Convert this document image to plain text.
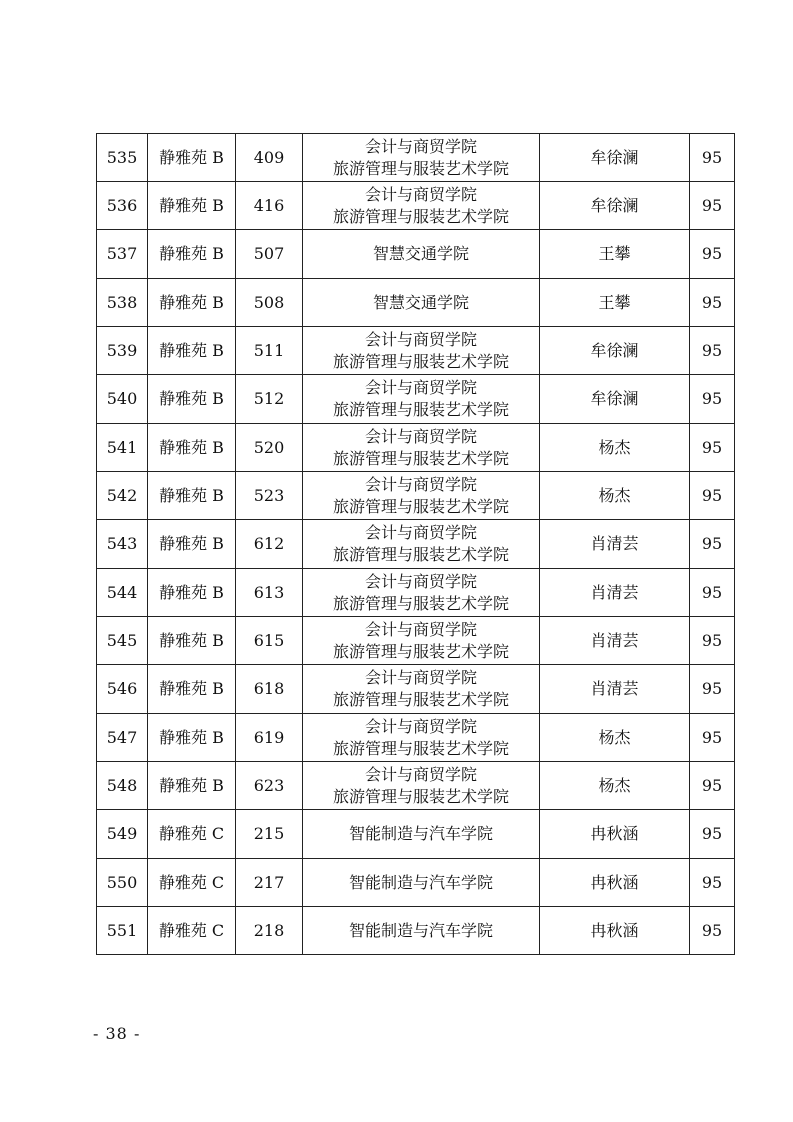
535	静雅苑 B	409	会计与商贸学院
旅游管理与服装艺术学院	牟徐澜	95
536	静雅苑 B	416	会计与商贸学院
旅游管理与服装艺术学院	牟徐澜	95
537	静雅苑 B	507	智慧交通学院	王攀	95
538	静雅苑 B	508	智慧交通学院	王攀	95
539	静雅苑 B	511	会计与商贸学院
旅游管理与服装艺术学院	牟徐澜	95
540	静雅苑 B	512	会计与商贸学院
旅游管理与服装艺术学院	牟徐澜	95
541	静雅苑 B	520	会计与商贸学院
旅游管理与服装艺术学院	杨杰	95
542	静雅苑 B	523	会计与商贸学院
旅游管理与服装艺术学院	杨杰	95
543	静雅苑 B	612	会计与商贸学院
旅游管理与服装艺术学院	肖清芸	95
544	静雅苑 B	613	会计与商贸学院
旅游管理与服装艺术学院	肖清芸	95
545	静雅苑 B	615	会计与商贸学院
旅游管理与服装艺术学院	肖清芸	95
546	静雅苑 B	618	会计与商贸学院
旅游管理与服装艺术学院	肖清芸	95
547	静雅苑 B	619	会计与商贸学院
旅游管理与服装艺术学院	杨杰	95
548	静雅苑 B	623	会计与商贸学院
旅游管理与服装艺术学院	杨杰	95
549	静雅苑 C	215	智能制造与汽车学院	冉秋涵	95
550	静雅苑 C	217	智能制造与汽车学院	冉秋涵	95
551	静雅苑 C	218	智能制造与汽车学院	冉秋涵	95
- 38 -
